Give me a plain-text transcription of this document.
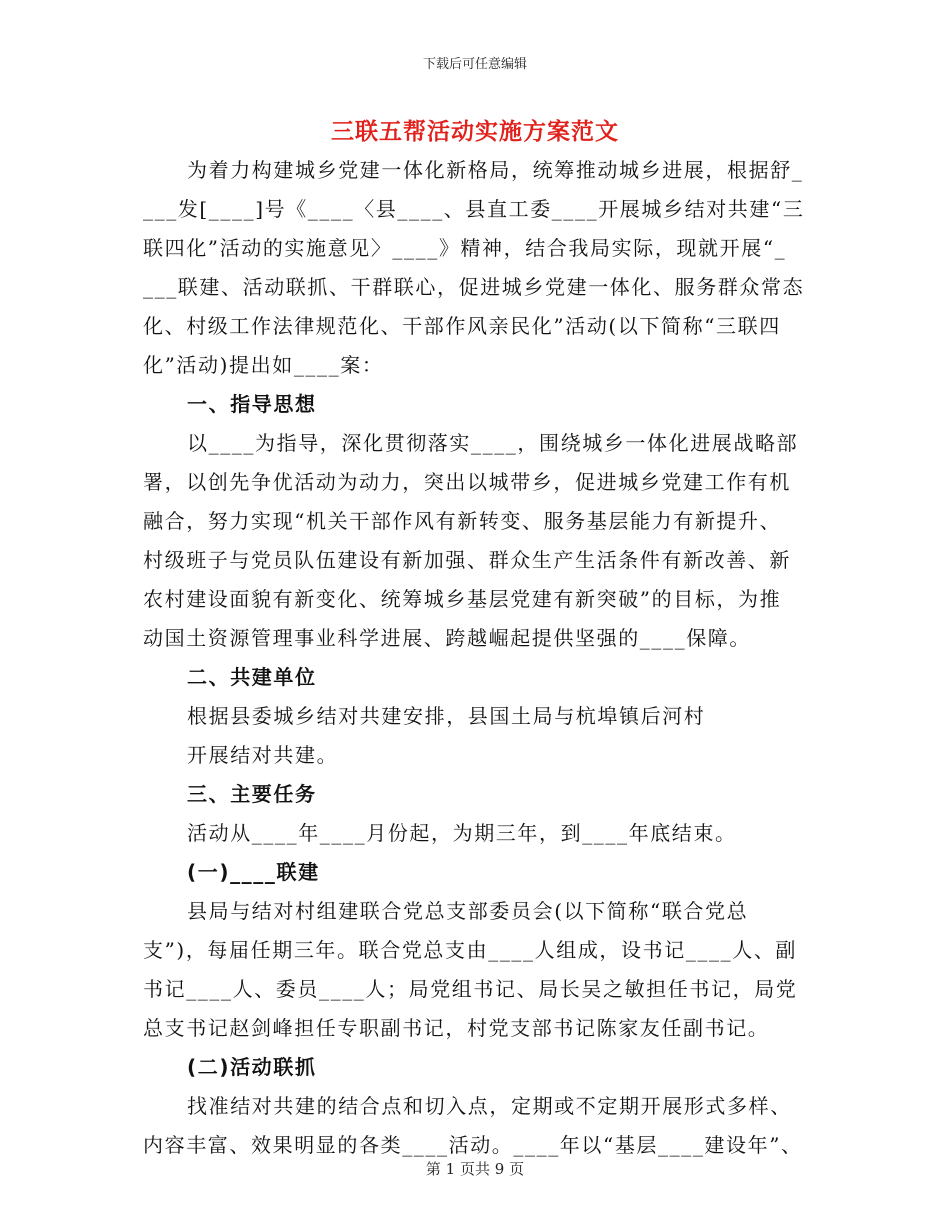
下载后可任意编辑
三联五帮活动实施方案范文
为着力构建城乡党建一体化新格局，统筹推动城乡进展，根据舒_
___发[____]号《____〈县____、县直工委____开展城乡结对共建“三
联四化”活动的实施意见〉____》精神，结合我局实际，现就开展“_
___联建、活动联抓、干群联心，促进城乡党建一体化、服务群众常态
化、村级工作法律规范化、干部作风亲民化”活动(以下简称“三联四
化”活动)提出如____案：
一、指导思想
以____为指导，深化贯彻落实____，围绕城乡一体化进展战略部
署，以创先争优活动为动力，突出以城带乡，促进城乡党建工作有机
融合，努力实现“机关干部作风有新转变、服务基层能力有新提升、
村级班子与党员队伍建设有新加强、群众生产生活条件有新改善、新
农村建设面貌有新变化、统筹城乡基层党建有新突破”的目标，为推
动国土资源管理事业科学进展、跨越崛起提供坚强的____保障。
二、共建单位
根据县委城乡结对共建安排，县国土局与杭埠镇后河村
开展结对共建。
三、主要任务
活动从____年____月份起，为期三年，到____年底结束。
(一)____联建
县局与结对村组建联合党总支部委员会(以下简称“联合党总
支”)，每届任期三年。联合党总支由____人组成，设书记____人、副
书记____人、委员____人；局党组书记、局长吴之敏担任书记，局党
总支书记赵剑峰担任专职副书记，村党支部书记陈家友任副书记。
(二)活动联抓
找准结对共建的结合点和切入点，定期或不定期开展形式多样、
内容丰富、效果明显的各类____活动。____年以“基层____建设年”、
第 1 页共 9 页
